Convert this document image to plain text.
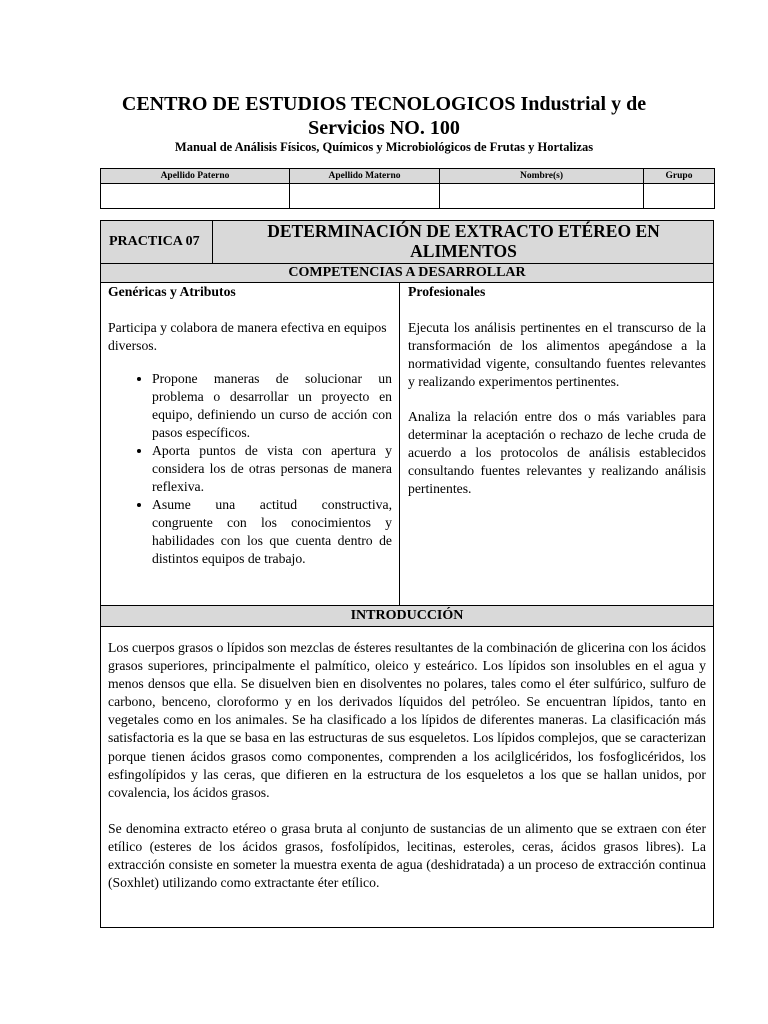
CENTRO DE ESTUDIOS TECNOLOGICOS Industrial y de Servicios NO. 100
Manual de Análisis Físicos, Químicos y Microbiológicos de Frutas y Hortalizas
Apellido Paterno	Apellido Materno	Nombre(s)	Grupo

PRACTICA 07
DETERMINACIÓN DE EXTRACTO ETÉREO EN ALIMENTOS
COMPETENCIAS A DESARROLLAR

Genéricas y Atributos

Participa y colabora de manera efectiva en equipos diversos.

• Propone maneras de solucionar un problema o desarrollar un proyecto en equipo, definiendo un curso de acción con pasos específicos.
• Aporta puntos de vista con apertura y considera los de otras personas de manera reflexiva.
• Asume una actitud constructiva, congruente con los conocimientos y habilidades con los que cuenta dentro de distintos equipos de trabajo.

Profesionales

Ejecuta los análisis pertinentes en el transcurso de la transformación de los alimentos apegándose a la normatividad vigente, consultando fuentes relevantes y realizando experimentos pertinentes.

Analiza la relación entre dos o más variables para determinar la aceptación o rechazo de leche cruda de acuerdo a los protocolos de análisis establecidos consultando fuentes relevantes y realizando análisis pertinentes.

INTRODUCCIÓN

Los cuerpos grasos o lípidos son mezclas de ésteres resultantes de la combinación de glicerina con los ácidos grasos superiores, principalmente el palmítico, oleico y esteárico. Los lípidos son insolubles en el agua y menos densos que ella. Se disuelven bien en disolventes no polares, tales como el éter sulfúrico, sulfuro de carbono, benceno, cloroformo y en los derivados líquidos del petróleo. Se encuentran lípidos, tanto en vegetales como en los animales. Se ha clasificado a los lípidos de diferentes maneras. La clasificación más satisfactoria es la que se basa en las estructuras de sus esqueletos. Los lípidos complejos, que se caracterizan porque tienen ácidos grasos como componentes, comprenden a los acilglicéridos, los fosfoglicéridos, los esfingolípidos y las ceras, que difieren en la estructura de los esqueletos a los que se hallan unidos, por covalencia, los ácidos grasos.

Se denomina extracto etéreo o grasa bruta al conjunto de sustancias de un alimento que se extraen con éter etílico (esteres de los ácidos grasos, fosfolípidos, lecitinas, esteroles, ceras, ácidos grasos libres). La extracción consiste en someter la muestra exenta de agua (deshidratada) a un proceso de extracción continua (Soxhlet) utilizando como extractante éter etílico.
